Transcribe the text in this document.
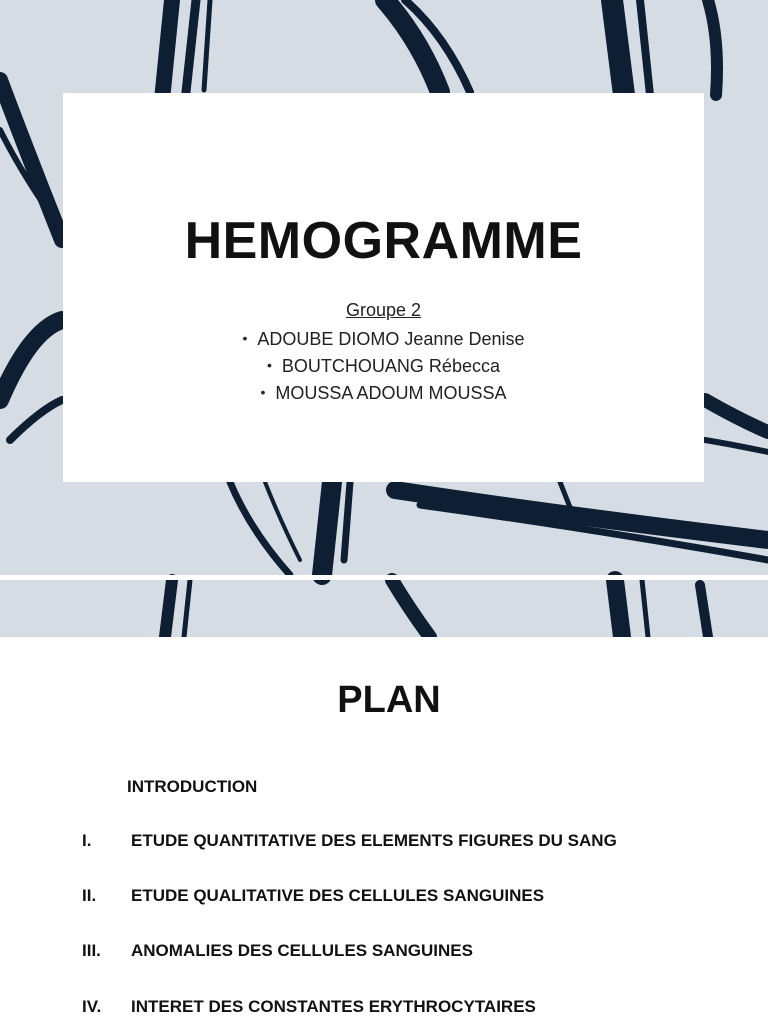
HEMOGRAMME
Groupe 2
• ADOUBE DIOMO Jeanne Denise
• BOUTCHOUANG Rébecca
• MOUSSA ADOUM MOUSSA
PLAN
INTRODUCTION
I. ETUDE QUANTITATIVE DES ELEMENTS FIGURES DU SANG
II. ETUDE QUALITATIVE DES CELLULES SANGUINES
III. ANOMALIES DES CELLULES SANGUINES
IV. INTERET DES CONSTANTES ERYTHROCYTAIRES
